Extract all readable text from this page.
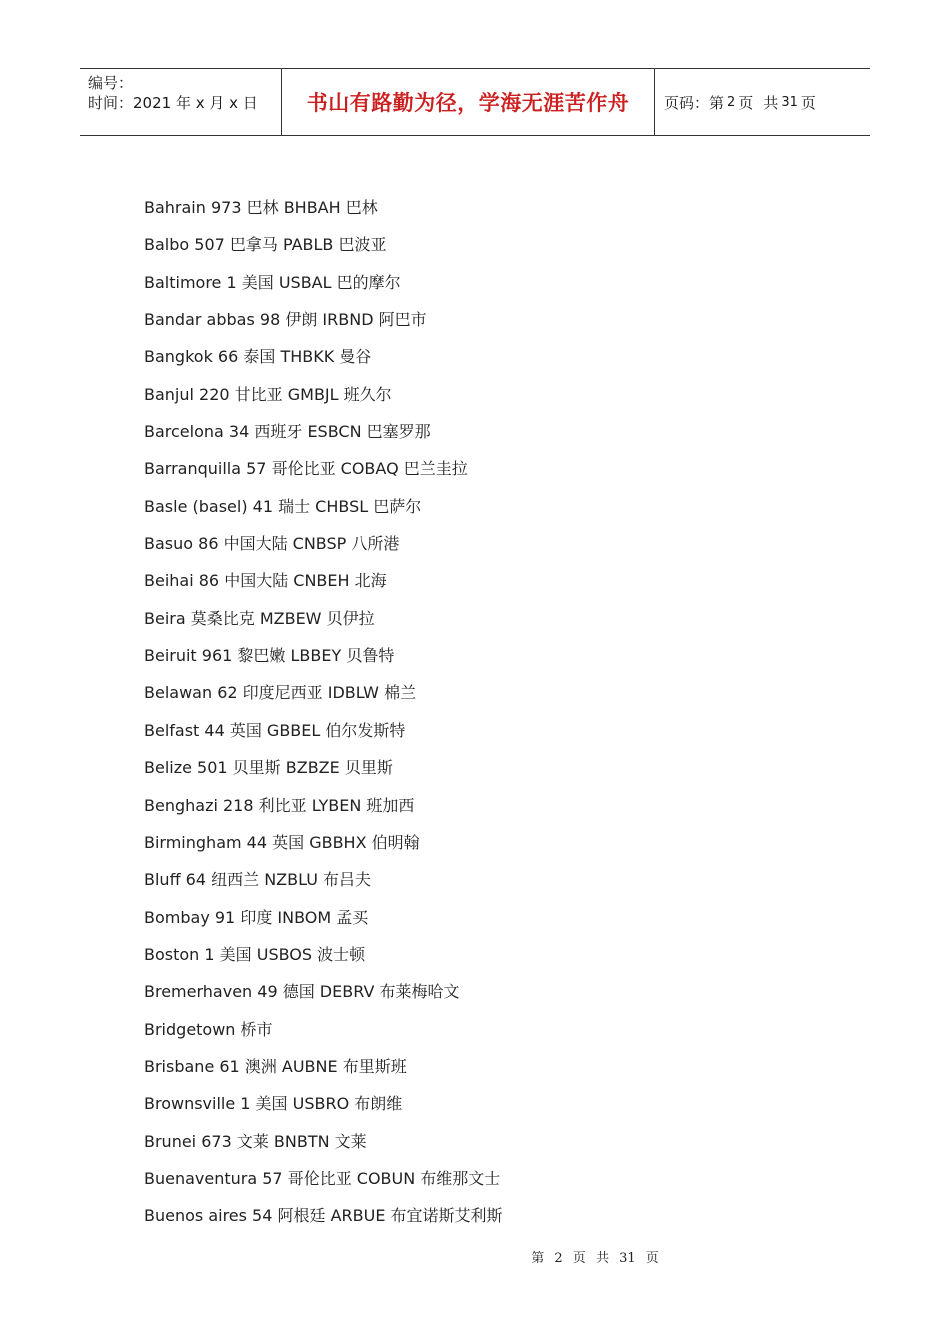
编号：
时间：2021 年 x 月 x 日	书山有路勤为径，学海无涯苦作舟	页码：第 2 页 共 31 页
Bahrain 973 巴林 BHBAH 巴林
Balbo 507 巴拿马 PABLB 巴波亚
Baltimore 1 美国 USBAL 巴的摩尔
Bandar abbas 98 伊朗 IRBND 阿巴市
Bangkok 66 泰国 THBKK 曼谷
Banjul 220 甘比亚 GMBJL 班久尔
Barcelona 34 西班牙 ESBCN 巴塞罗那
Barranquilla 57 哥伦比亚 COBAQ 巴兰圭拉
Basle (basel) 41 瑞士 CHBSL 巴萨尔
Basuo 86 中国大陆 CNBSP 八所港
Beihai 86 中国大陆 CNBEH 北海
Beira 莫桑比克 MZBEW 贝伊拉
Beiruit 961 黎巴嫩 LBBEY 贝鲁特
Belawan 62 印度尼西亚 IDBLW 棉兰
Belfast 44 英国 GBBEL 伯尔发斯特
Belize 501 贝里斯 BZBZE 贝里斯
Benghazi 218 利比亚 LYBEN 班加西
Birmingham 44 英国 GBBHX 伯明翰
Bluff 64 纽西兰 NZBLU 布吕夫
Bombay 91 印度 INBOM 孟买
Boston 1 美国 USBOS 波士顿
Bremerhaven 49 德国 DEBRV 布莱梅哈文
Bridgetown 桥市
Brisbane 61 澳洲 AUBNE 布里斯班
Brownsville 1 美国 USBRO 布朗维
Brunei 673 文莱 BNBTN 文莱
Buenaventura 57 哥伦比亚 COBUN 布维那文士
Buenos aires 54 阿根廷 ARBUE 布宜诺斯艾利斯
第 2 页 共 31 页
